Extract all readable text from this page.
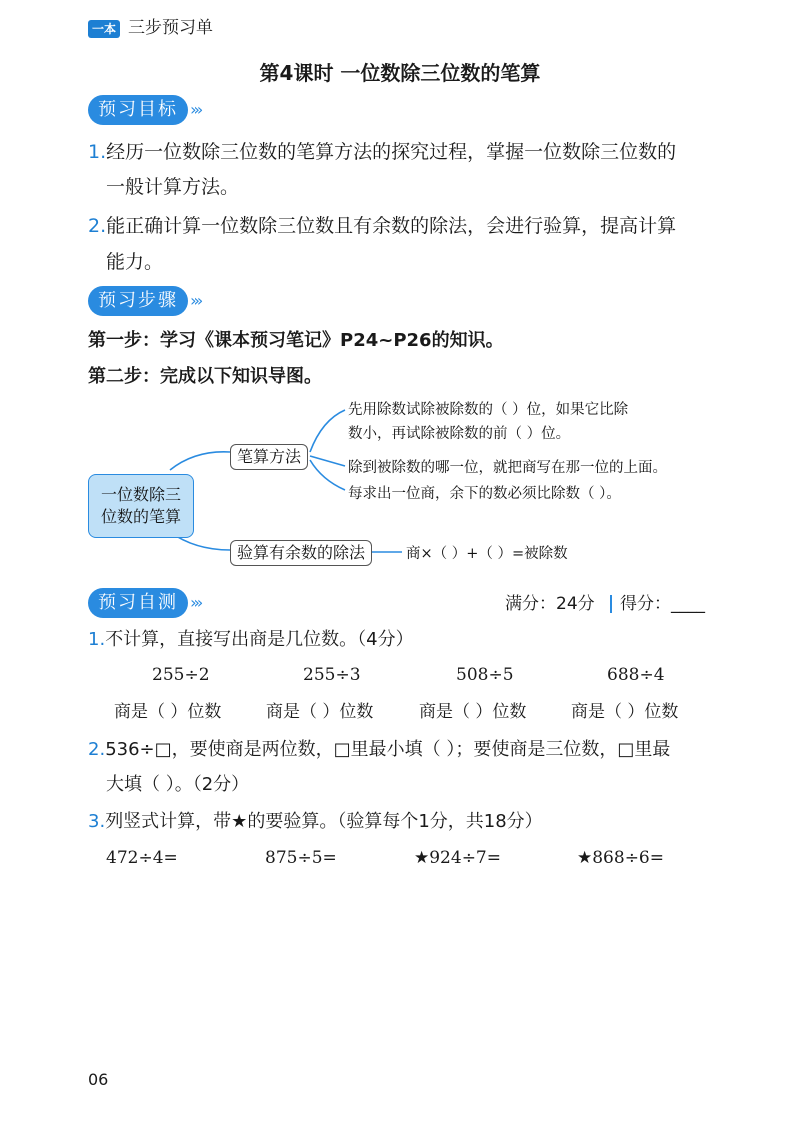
一本 三步预习单
第4课时 一位数除三位数的笔算
预习目标 ›››
1.经历一位数除三位数的笔算方法的探究过程，掌握一位数除三位数的
一般计算方法。
2.能正确计算一位数除三位数且有余数的除法，会进行验算，提高计算
能力。
预习步骤 ›››
第一步：学习《课本预习笔记》P24~P26的知识。
第二步：完成以下知识导图。
一位数除三
位数的笔算
笔算方法
验算有余数的除法
先用除数试除被除数的（ ）位，如果它比除
数小，再试除被除数的前（ ）位。
除到被除数的哪一位，就把商写在那一位的上面。
每求出一位商，余下的数必须比除数（ ）。
商×（ ）+（ ）=被除数
预习自测 ›››	满分：24分 得分：____
1.不计算，直接写出商是几位数。（4分）
255÷2	255÷3	508÷5	688÷4
商是（ ）位数	商是（ ）位数	商是（ ）位数	商是（ ）位数
2.536÷□，要使商是两位数，□里最小填（ ）；要使商是三位数，□里最
大填（ ）。（2分）
3.列竖式计算，带★的要验算。（验算每个1分，共18分）
472÷4=	875÷5=	★924÷7=	★868÷6=
06
